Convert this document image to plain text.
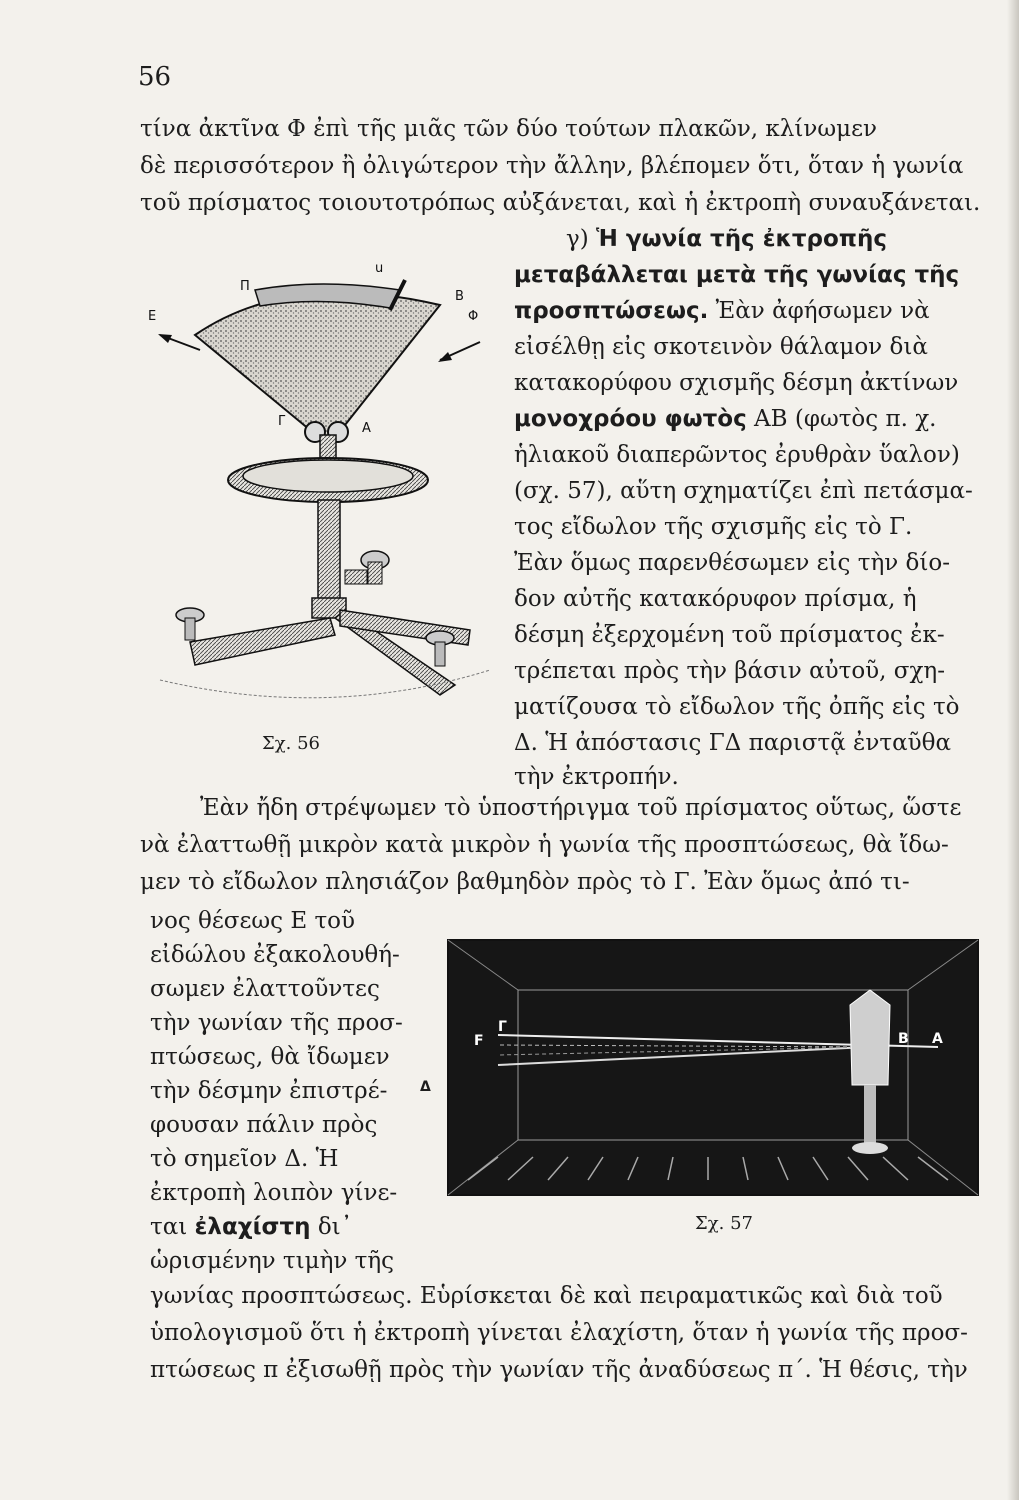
56
τίνα ἀκτῖνα Φ ἐπὶ τῆς μιᾶς τῶν δύο τούτων πλακῶν, κλίνωμεν
δὲ περισσότερον ἢ ὀλιγώτερον τὴν ἄλλην, βλέπομεν ὅτι, ὅταν ἡ γωνία
τοῦ πρίσματος τοιουτοτρόπως αὐξάνεται, καὶ ἡ ἐκτροπὴ συναυξάνεται.
Π
u
Ε
Β
Φ
Γ	Α
Σχ. 56
γ) Ἡ γωνία τῆς ἐκτροπῆς
μεταβάλλεται μετὰ τῆς γωνίας τῆς
προσπτώσεως. Ἐὰν ἀφήσωμεν νὰ
εἰσέλθῃ εἰς σκοτεινὸν θάλαμον διὰ
κατακορύφου σχισμῆς δέσμη ἀκτίνων
μονοχρόου φωτὸς ΑΒ (φωτὸς π. χ.
ἡλιακοῦ διαπερῶντος ἐρυθρὰν ὕαλον)
(σχ. 57), αὕτη σχηματίζει ἐπὶ πετάσμα-
τος εἴδωλον τῆς σχισμῆς εἰς τὸ Γ.
Ἐὰν ὅμως παρενθέσωμεν εἰς τὴν δίο-
δον αὐτῆς κατακόρυφον πρίσμα, ἡ
δέσμη ἐξερχομένη τοῦ πρίσματος ἐκ-
τρέπεται πρὸς τὴν βάσιν αὐτοῦ, σχη-
ματίζουσα τὸ εἴδωλον τῆς ὀπῆς εἰς τὸ
Δ. Ἡ ἀπόστασις ΓΔ παριστᾷ ἐνταῦθα
τὴν ἐκτροπήν.
Ἐὰν ἤδη στρέψωμεν τὸ ὑποστήριγμα τοῦ πρίσματος οὕτως, ὥστε
νὰ ἐλαττωθῇ μικρὸν κατὰ μικρὸν ἡ γωνία τῆς προσπτώσεως, θὰ ἴδω-
μεν τὸ εἴδωλον πλησιάζον βαθμηδὸν πρὸς τὸ Γ. Ἐὰν ὅμως ἀπό τι-
νος θέσεως Ε τοῦ
εἰδώλου ἐξακολουθή-
σωμεν ἐλαττοῦντες
τὴν γωνίαν τῆς προσ-
πτώσεως, θὰ ἴδωμεν
τὴν δέσμην ἐπιστρέ-
φουσαν πάλιν πρὸς
τὸ σημεῖον Δ. Ἡ
ἐκτροπὴ λοιπὸν γίνε-
ται ἐλαχίστη δι᾽
ὡρισμένην τιμὴν τῆς
F
Γ
Β Α
Δ
Σχ. 57
γωνίας προσπτώσεως. Εὑρίσκεται δὲ καὶ πειραματικῶς καὶ διὰ τοῦ
ὑπολογισμοῦ ὅτι ἡ ἐκτροπὴ γίνεται ἐλαχίστη, ὅταν ἡ γωνία τῆς προσ-
πτώσεως π ἐξισωθῇ πρὸς τὴν γωνίαν τῆς ἀναδύσεως π΄. Ἡ θέσις, τὴν
